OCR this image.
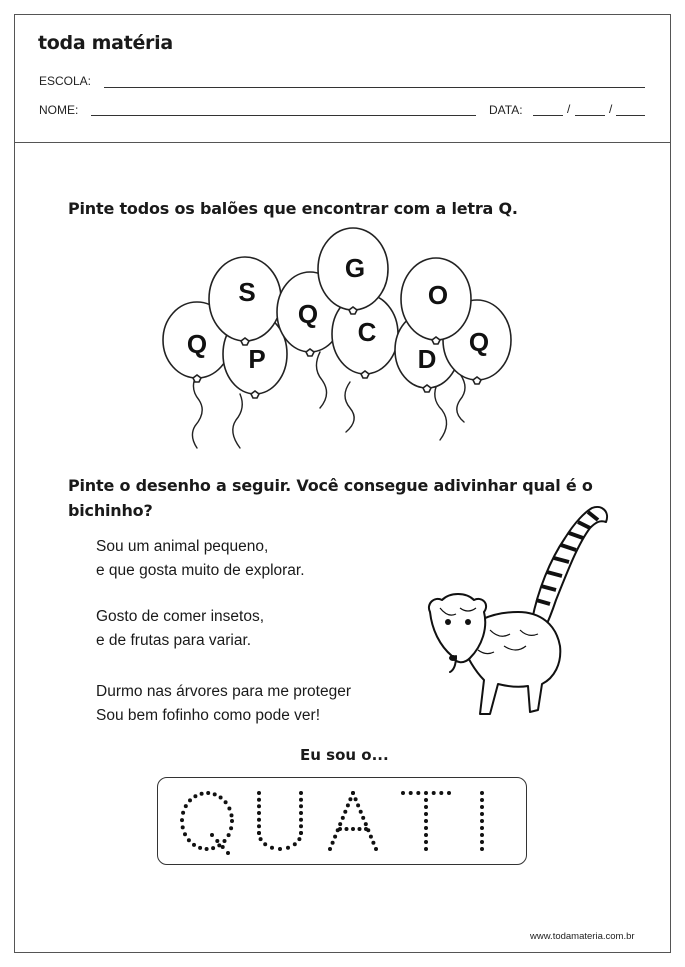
toda matéria
ESCOLA:
NOME:	DATA:	/	/
Pinte todos os balões que encontrar com a letra Q.
Q P
S
Q
C
G
D
Q
O
Pinte o desenho a seguir. Você consegue adivinhar qual é o
bichinho?
Sou um animal pequeno,
e que gosta muito de explorar.
Gosto de comer insetos,
e de frutas para variar.
Durmo nas árvores para me proteger
Sou bem fofinho como pode ver!
Eu sou o...
www.todamateria.com.br
